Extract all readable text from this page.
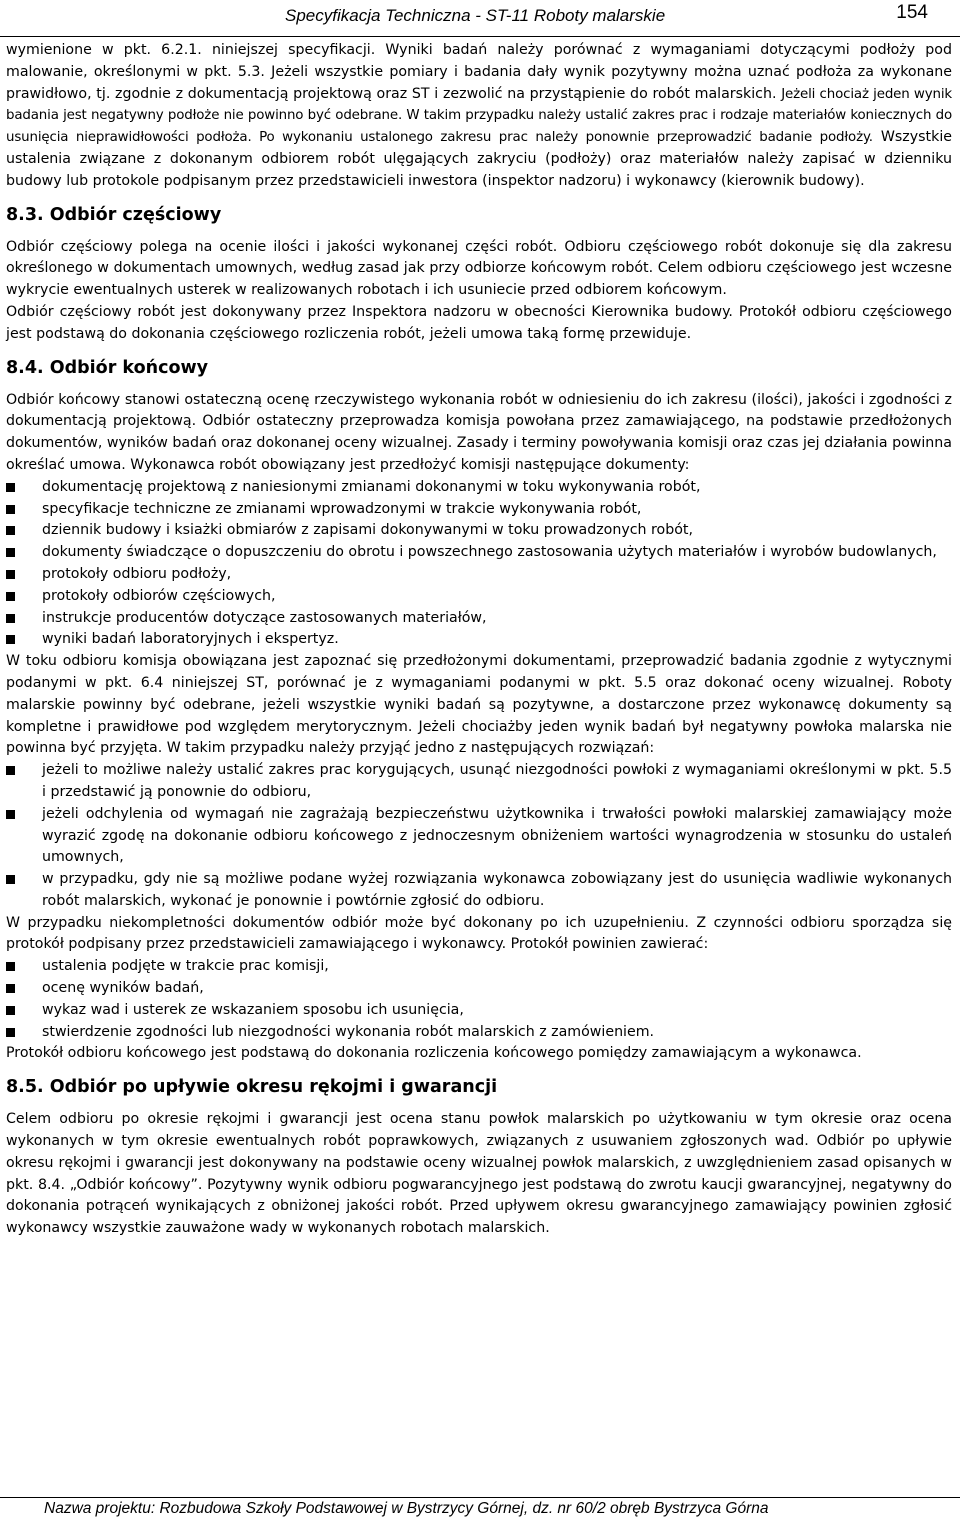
Specyfikacja Techniczna - ST-11 Roboty malarskie	154

wymienione w pkt. 6.2.1. niniejszej specyfikacji. Wyniki badań należy porównać z wymaganiami dotyczącymi podłoży pod malowanie, określonymi w pkt. 5.3. Jeżeli wszystkie pomiary i badania dały wynik pozytywny można uznać podłoża za wykonane prawidłowo, tj. zgodnie z dokumentacją projektową oraz ST i zezwolić na przystąpienie do robót malarskich. Jeżeli chociaż jeden wynik badania jest negatywny podłoże nie powinno być odebrane. W takim przypadku należy ustalić zakres prac i rodzaje materiałów koniecznych do usunięcia nieprawidłowości podłoża. Po wykonaniu ustalonego zakresu prac należy ponownie przeprowadzić badanie podłoży. Wszystkie ustalenia związane z dokonanym odbiorem robót ulęgających zakryciu (podłoży) oraz materiałów należy zapisać w dzienniku budowy lub protokole podpisanym przez przedstawicieli inwestora (inspektor nadzoru) i wykonawcy (kierownik budowy).

8.3. Odbiór częściowy

Odbiór częściowy polega na ocenie ilości i jakości wykonanej części robót. Odbioru częściowego robót dokonuje się dla zakresu określonego w dokumentach umownych, według zasad jak przy odbiorze końcowym robót. Celem odbioru częściowego jest wczesne wykrycie ewentualnych usterek w realizowanych robotach i ich usuniecie przed odbiorem końcowym.

Odbiór częściowy robót jest dokonywany przez Inspektora nadzoru w obecności Kierownika budowy. Protokół odbioru częściowego jest podstawą do dokonania częściowego rozliczenia robót, jeżeli umowa taką formę przewiduje.

8.4. Odbiór końcowy

Odbiór końcowy stanowi ostateczną ocenę rzeczywistego wykonania robót w odniesieniu do ich zakresu (ilości), jakości i zgodności z dokumentacją projektową. Odbiór ostateczny przeprowadza komisja powołana przez zamawiającego, na podstawie przedłożonych dokumentów, wyników badań oraz dokonanej oceny wizualnej. Zasady i terminy powoływania komisji oraz czas jej działania powinna określać umowa. Wykonawca robót obowiązany jest przedłożyć komisji następujące dokumenty:

dokumentację projektową z naniesionymi zmianami dokonanymi w toku wykonywania robót,
specyfikacje techniczne ze zmianami wprowadzonymi w trakcie wykonywania robót,
dziennik budowy i ksiażki obmiarów z zapisami dokonywanymi w toku prowadzonych robót,
dokumenty świadczące o dopuszczeniu do obrotu i powszechnego zastosowania użytych materiałów i wyrobów budowlanych,
protokoły odbioru podłoży,
protokoły odbiorów częściowych,
instrukcje producentów dotyczące zastosowanych materiałów,
wyniki badań laboratoryjnych i ekspertyz.

W toku odbioru komisja obowiązana jest zapoznać się przedłożonymi dokumentami, przeprowadzić badania zgodnie z wytycznymi podanymi w pkt. 6.4 niniejszej ST, porównać je z wymaganiami podanymi w pkt. 5.5 oraz dokonać oceny wizualnej. Roboty malarskie powinny być odebrane, jeżeli wszystkie wyniki badań są pozytywne, a dostarczone przez wykonawcę dokumenty są kompletne i prawidłowe pod względem merytorycznym. Jeżeli chociażby jeden wynik badań był negatywny powłoka malarska nie powinna być przyjęta. W takim przypadku należy przyjąć jedno z następujących rozwiązań:

jeżeli to możliwe należy ustalić zakres prac korygujących, usunąć niezgodności powłoki z wymaganiami określonymi w pkt. 5.5 i przedstawić ją ponownie do odbioru,
jeżeli odchylenia od wymagań nie zagrażają bezpieczeństwu użytkownika i trwałości powłoki malarskiej zamawiający może wyrazić zgodę na dokonanie odbioru końcowego z jednoczesnym obniżeniem wartości wynagrodzenia w stosunku do ustaleń umownych,
w przypadku, gdy nie są możliwe podane wyżej rozwiązania wykonawca zobowiązany jest do usunięcia wadliwie wykonanych robót malarskich, wykonać je ponownie i powtórnie zgłosić do odbioru.

W przypadku niekompletności dokumentów odbiór może być dokonany po ich uzupełnieniu. Z czynności odbioru sporządza się protokół podpisany przez przedstawicieli zamawiającego i wykonawcy. Protokół powinien zawierać:

ustalenia podjęte w trakcie prac komisji,
ocenę wyników badań,
wykaz wad i usterek ze wskazaniem sposobu ich usunięcia,
stwierdzenie zgodności lub niezgodności wykonania robót malarskich z zamówieniem.

Protokół odbioru końcowego jest podstawą do dokonania rozliczenia końcowego pomiędzy zamawiającym a wykonawca.

8.5. Odbiór po upływie okresu rękojmi i gwarancji

Celem odbioru po okresie rękojmi i gwarancji jest ocena stanu powłok malarskich po użytkowaniu w tym okresie oraz ocena wykonanych w tym okresie ewentualnych robót poprawkowych, związanych z usuwaniem zgłoszonych wad. Odbiór po upływie okresu rękojmi i gwarancji jest dokonywany na podstawie oceny wizualnej powłok malarskich, z uwzględnieniem zasad opisanych w pkt. 8.4. „Odbiór końcowy”. Pozytywny wynik odbioru pogwarancyjnego jest podstawą do zwrotu kaucji gwarancyjnej, negatywny do dokonania potrąceń wynikających z obniżonej jakości robót. Przed upływem okresu gwarancyjnego zamawiający powinien zgłosić wykonawcy wszystkie zauważone wady w wykonanych robotach malarskich.

Nazwa projektu: Rozbudowa Szkoły Podstawowej w Bystrzycy Górnej, dz. nr 60/2 obręb Bystrzyca Górna
